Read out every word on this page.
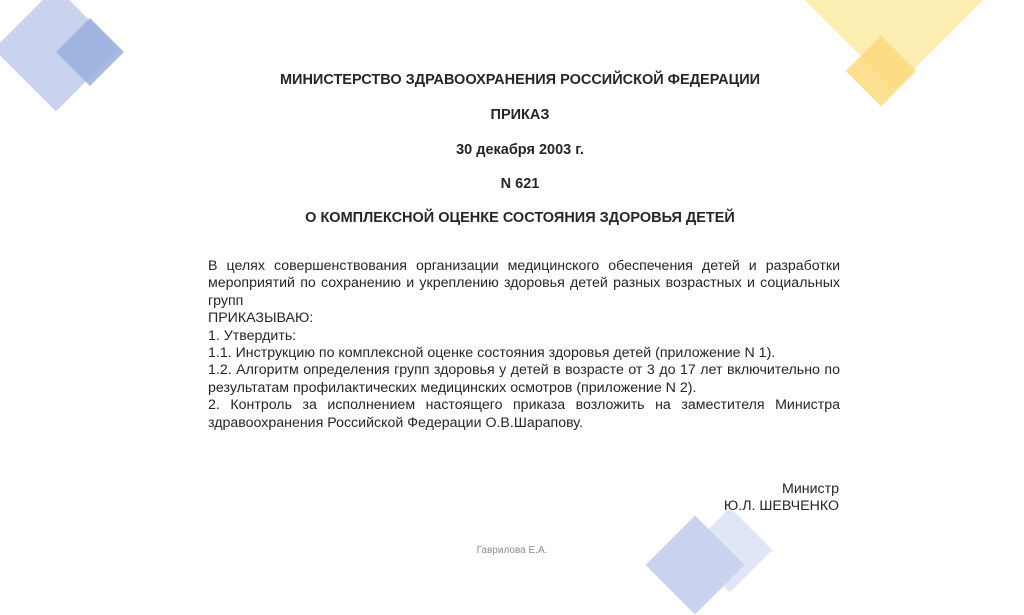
МИНИСТЕРСТВО ЗДРАВООХРАНЕНИЯ РОССИЙСКОЙ ФЕДЕРАЦИИ
ПРИКАЗ
30 декабря 2003 г.
N 621
О КОМПЛЕКСНОЙ ОЦЕНКЕ СОСТОЯНИЯ ЗДОРОВЬЯ ДЕТЕЙ

В целях совершенствования организации медицинского обеспечения детей и разработки мероприятий по сохранению и укреплению здоровья детей разных возрастных и социальных групп

ПРИКАЗЫВАЮ:

1. Утвердить:

1.1. Инструкцию по комплексной оценке состояния здоровья детей (приложение N 1).

1.2. Алгоритм определения групп здоровья у детей в возрасте от 3 до 17 лет включительно по результатам профилактических медицинских осмотров (приложение N 2).

2. Контроль за исполнением настоящего приказа возложить на заместителя Министра здравоохранения Российской Федерации О.В.Шарапову.

Министр
Ю.Л. ШЕВЧЕНКО
Гаврилова Е.А.
